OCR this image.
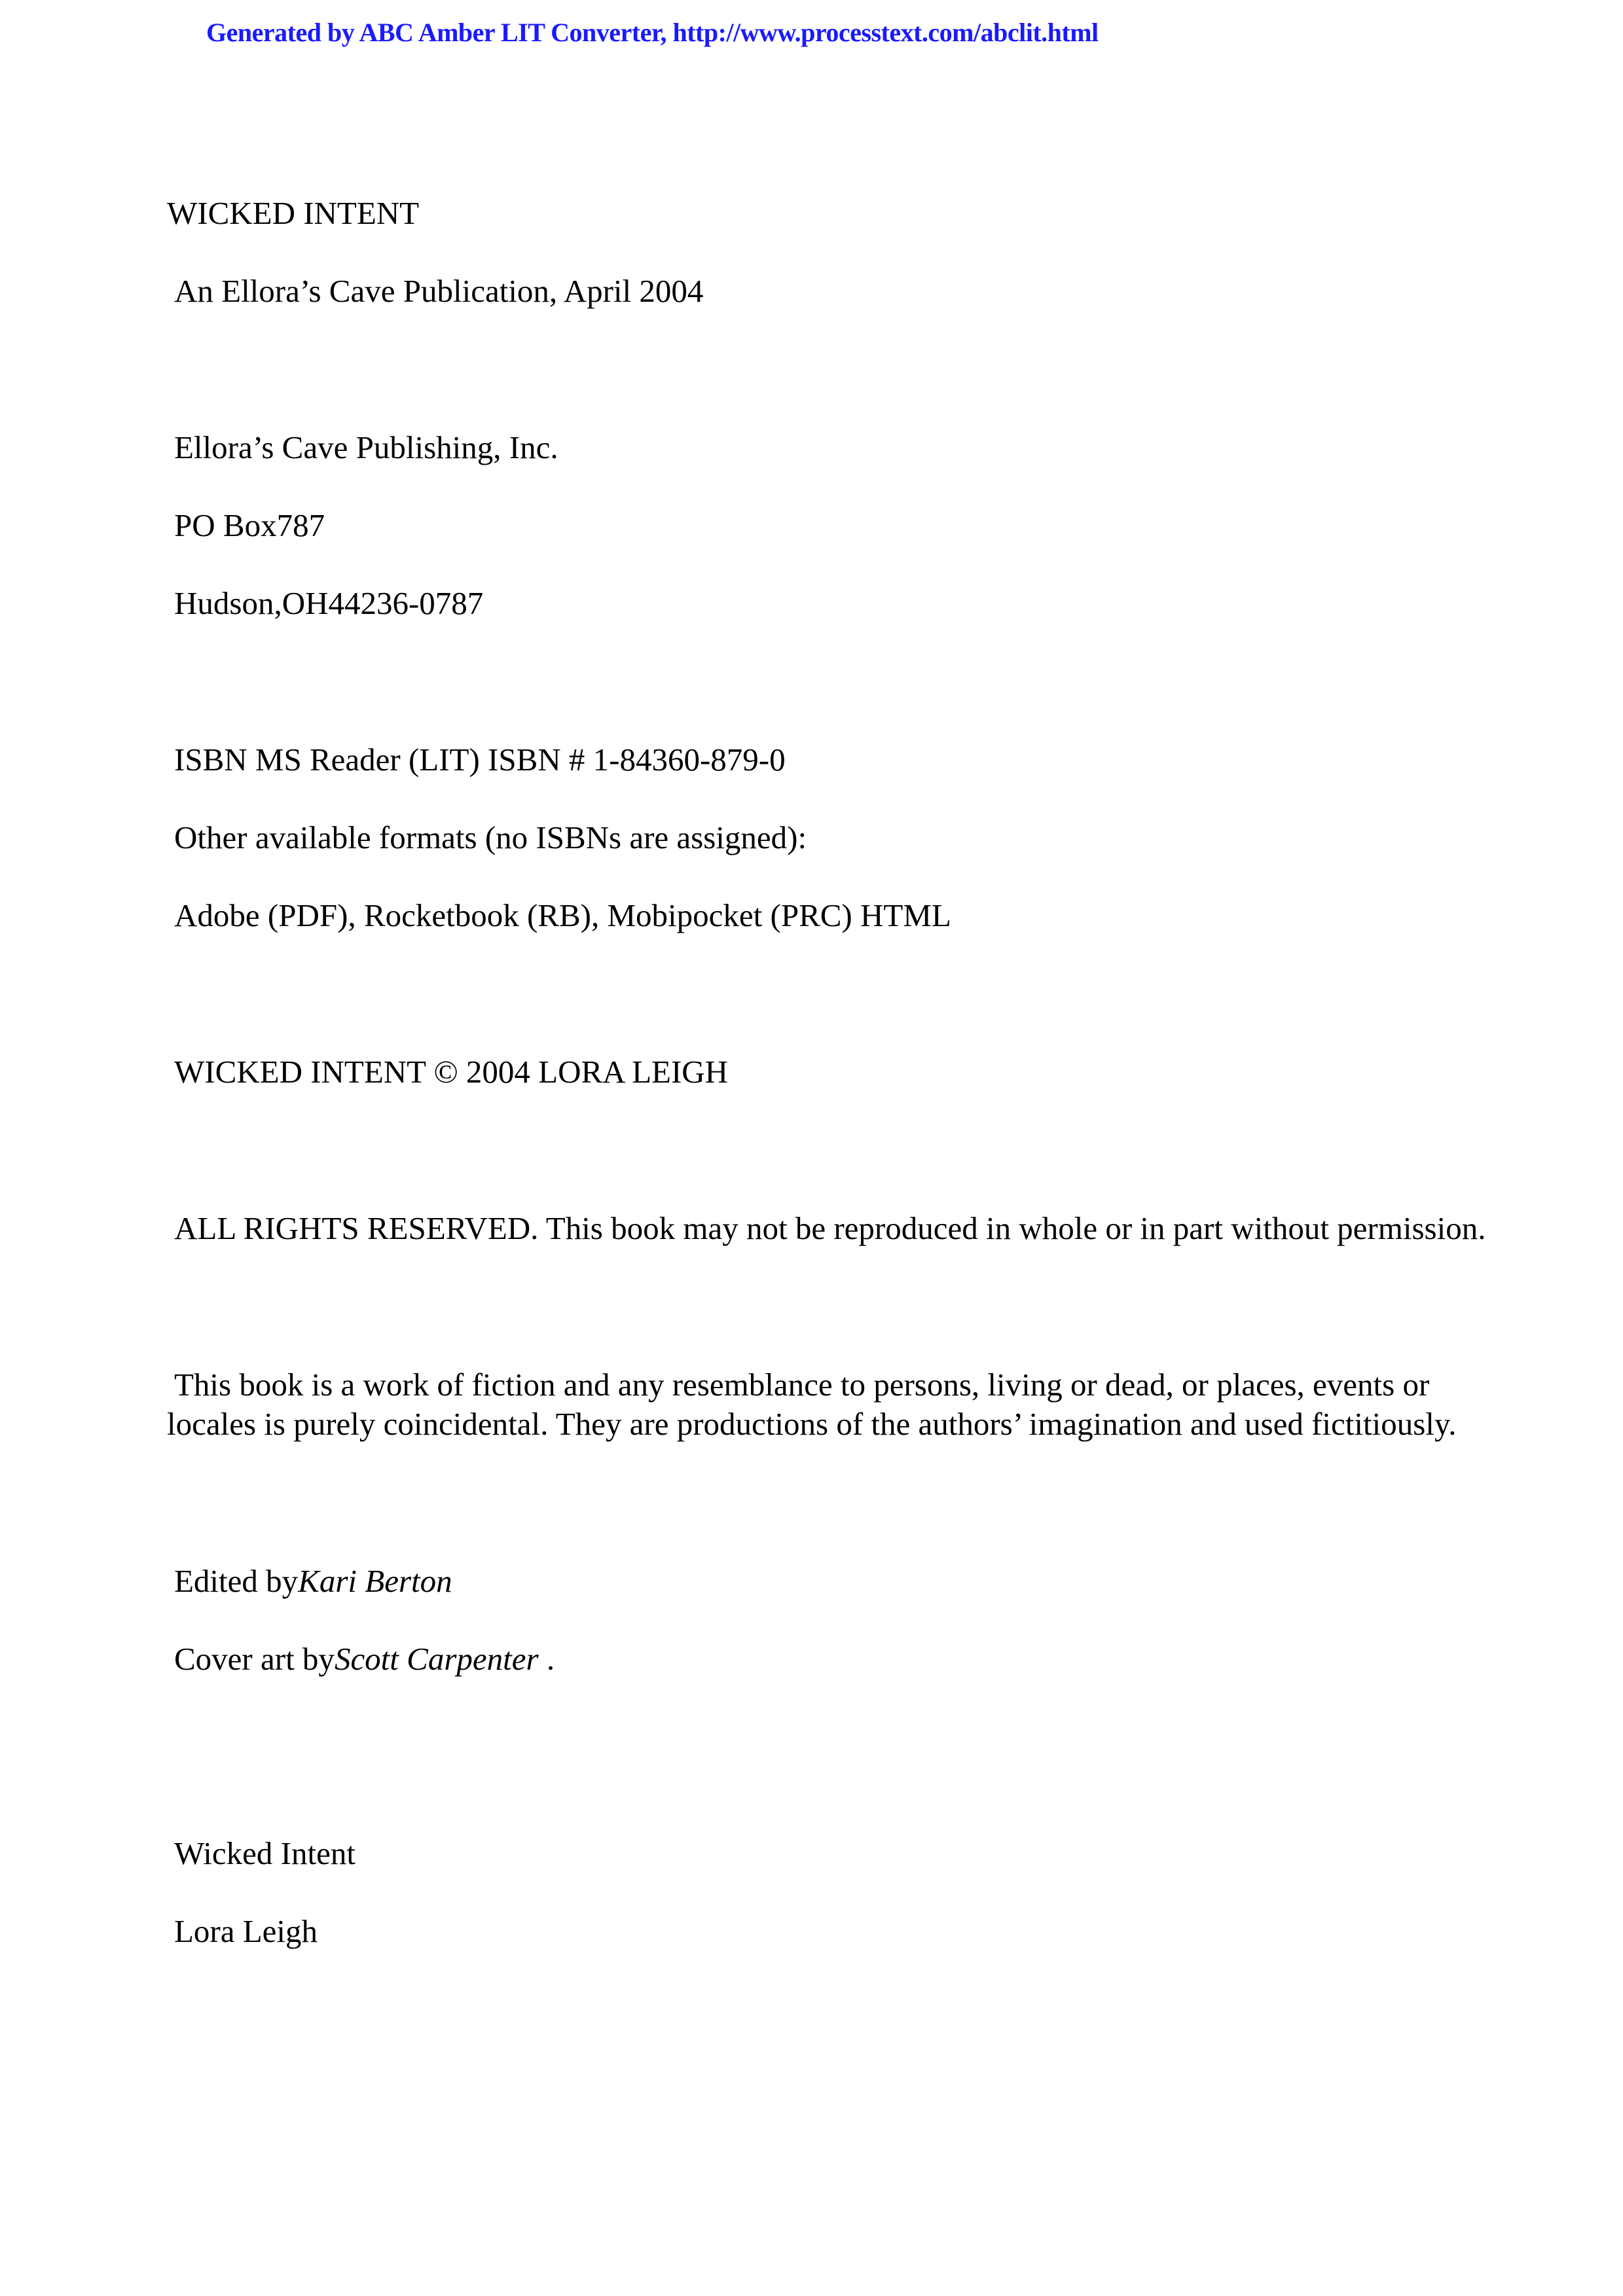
Generated by ABC Amber LIT Converter, http://www.processtext.com/abclit.html
WICKED INTENT
An Ellora’s Cave Publication, April 2004
Ellora’s Cave Publishing, Inc.
PO Box787
Hudson,OH44236-0787
ISBN MS Reader (LIT) ISBN # 1-84360-879-0
Other available formats (no ISBNs are assigned):
Adobe (PDF), Rocketbook (RB), Mobipocket (PRC) HTML
WICKED INTENT © 2004 LORA LEIGH
ALL RIGHTS RESERVED. This book may not be reproduced in whole or in part without permission.
This book is a work of fiction and any resemblance to persons, living or dead, or places, events or
locales is purely coincidental. They are productions of the authors’ imagination and used fictitiously.
Edited byKari Berton
Cover art byScott Carpenter .
Wicked Intent
Lora Leigh
